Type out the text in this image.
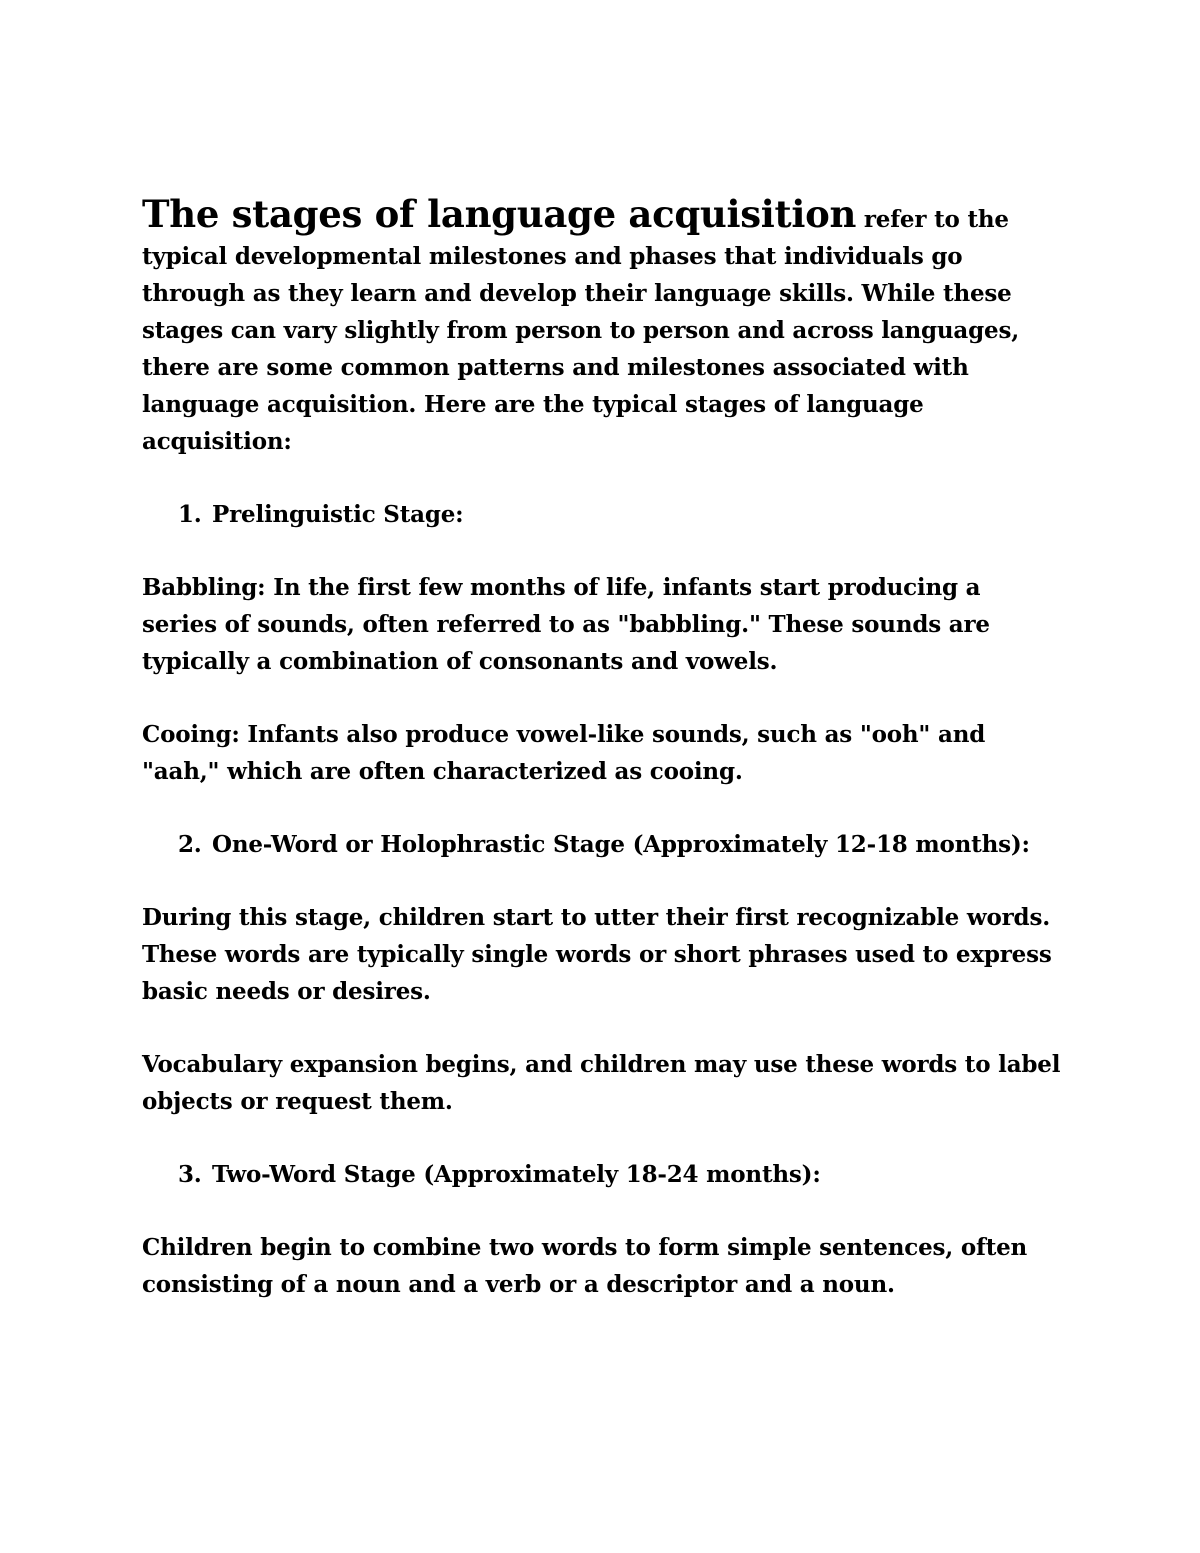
The stages of language acquisition refer to the typical developmental milestones and phases that individuals go through as they learn and develop their language skills. While these stages can vary slightly from person to person and across languages, there are some common patterns and milestones associated with language acquisition. Here are the typical stages of language acquisition:

1. Prelinguistic Stage:

Babbling: In the first few months of life, infants start producing a series of sounds, often referred to as "babbling." These sounds are typically a combination of consonants and vowels.

Cooing: Infants also produce vowel-like sounds, such as "ooh" and "aah," which are often characterized as cooing.

2. One-Word or Holophrastic Stage (Approximately 12-18 months):

During this stage, children start to utter their first recognizable words. These words are typically single words or short phrases used to express basic needs or desires.

Vocabulary expansion begins, and children may use these words to label objects or request them.

3. Two-Word Stage (Approximately 18-24 months):

Children begin to combine two words to form simple sentences, often consisting of a noun and a verb or a descriptor and a noun.
